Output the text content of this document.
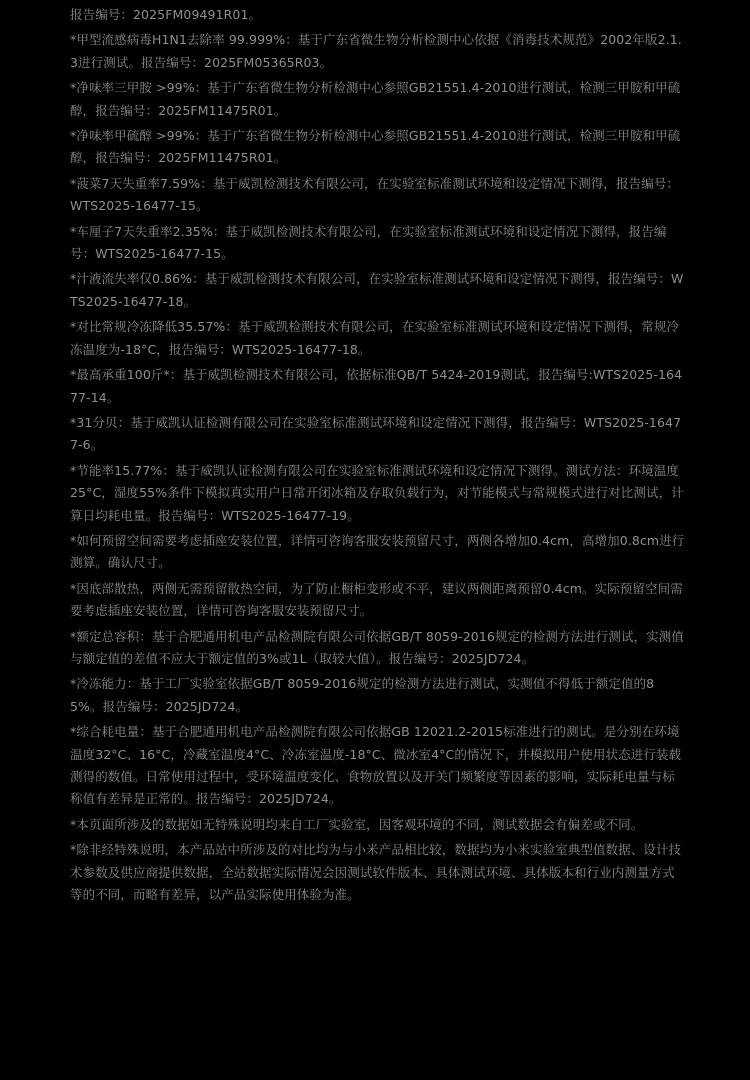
报告编号：2025FM09491R01。

*甲型流感病毒H1N1去除率 99.999%：基于广东省微生物分析检测中心依据《消毒技术规范》2002年版2.1.3进行测试。报告编号：2025FM05365R03。

*净味率三甲胺 >99%：基于广东省微生物分析检测中心参照GB21551.4-2010进行测试，检测三甲胺和甲硫醇，报告编号：2025FM11475R01。

*净味率甲硫醇 >99%：基于广东省微生物分析检测中心参照GB21551.4-2010进行测试，检测三甲胺和甲硫醇，报告编号：2025FM11475R01。

*菠菜7天失重率7.59%：基于威凯检测技术有限公司，在实验室标准测试环境和设定情况下测得，报告编号：WTS2025-16477-15。

*车厘子7天失重率2.35%：基于威凯检测技术有限公司，在实验室标准测试环境和设定情况下测得，报告编号：WTS2025-16477-15。

*汁液流失率仅0.86%：基于威凯检测技术有限公司，在实验室标准测试环境和设定情况下测得，报告编号：WTS2025-16477-18。

*对比常规冷冻降低35.57%：基于威凯检测技术有限公司，在实验室标准测试环境和设定情况下测得，常规冷冻温度为-18°C，报告编号：WTS2025-16477-18。

*最高承重100斤*：基于威凯检测技术有限公司，依据标准QB/T 5424-2019测试，报告编号:WTS2025-16477-14。

*31分贝：基于威凯认证检测有限公司在实验室标准测试环境和设定情况下测得，报告编号：WTS2025-16477-6。

*节能率15.77%：基于威凯认证检测有限公司在实验室标准测试环境和设定情况下测得。测试方法：环境温度25°C，湿度55%条件下模拟真实用户日常开闭冰箱及存取负载行为，对节能模式与常规模式进行对比测试，计算日均耗电量。报告编号：WTS2025-16477-19。

*如何预留空间需要考虑插座安装位置，详情可咨询客服安装预留尺寸，两侧各增加0.4cm，高增加0.8cm进行测算。确认尺寸。

*因底部散热，两侧无需预留散热空间，为了防止橱柜变形或不平，建议两侧距离预留0.4cm。实际预留空间需要考虑插座安装位置，详情可咨询客服安装预留尺寸。

*额定总容积：基于合肥通用机电产品检测院有限公司依据GB/T 8059-2016规定的检测方法进行测试，实测值与额定值的差值不应大于额定值的3%或1L（取较大值）。报告编号：2025JD724。

*冷冻能力：基于工厂实验室依据GB/T 8059-2016规定的检测方法进行测试，实测值不得低于额定值的85%。报告编号：2025JD724。

*综合耗电量：基于合肥通用机电产品检测院有限公司依据GB 12021.2-2015标准进行的测试。是分别在环境温度32°C、16°C，冷藏室温度4°C、冷冻室温度-18°C、微冰室4°C的情况下，并模拟用户使用状态进行装载测得的数值。日常使用过程中，受环境温度变化、食物放置以及开关门频繁度等因素的影响，实际耗电量与标称值有差异是正常的。报告编号：2025JD724。

*本页面所涉及的数据如无特殊说明均来自工厂实验室，因客观环境的不同，测试数据会有偏差或不同。

*除非经特殊说明，本产品站中所涉及的对比均为与小米产品相比较，数据均为小米实验室典型值数据、设计技术参数及供应商提供数据，全站数据实际情况会因测试软件版本、具体测试环境、具体版本和行业内测量方式等的不同，而略有差异，以产品实际使用体验为准。
